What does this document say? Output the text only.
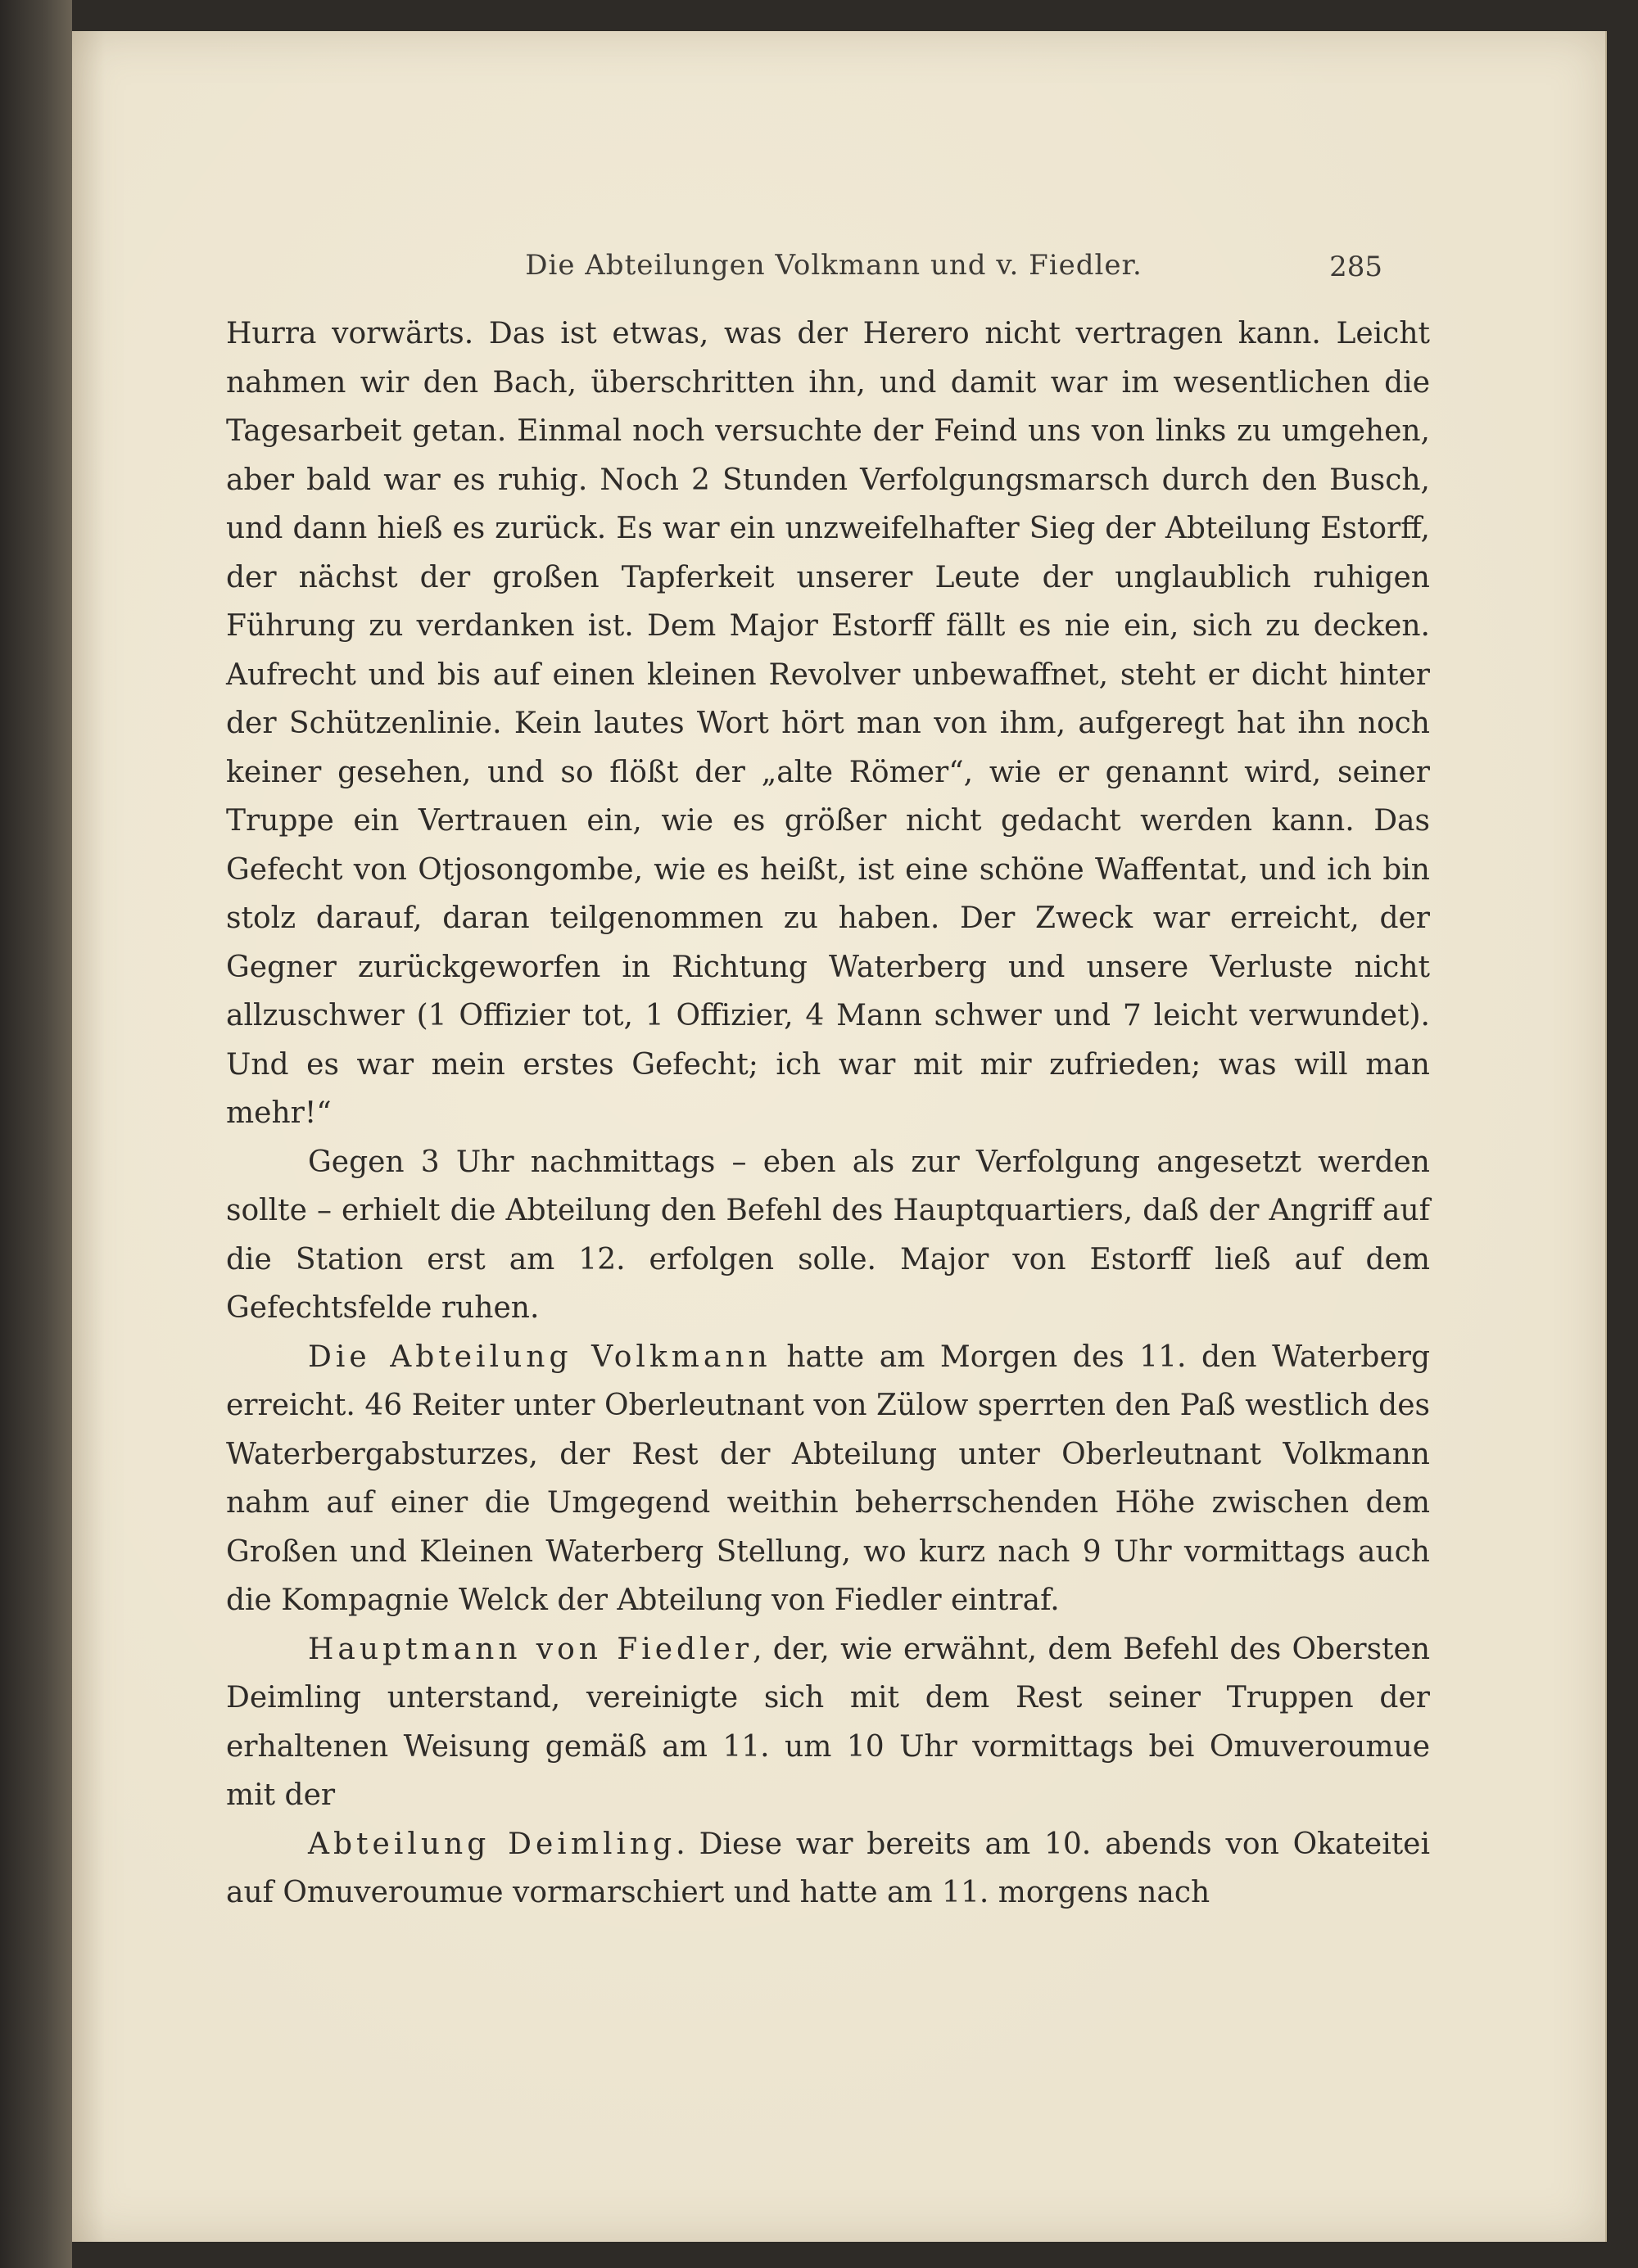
Die Abteilungen Volkmann und v. Fiedler.	285

Hurra vorwärts. Das ist etwas, was der Herero nicht vertragen kann. Leicht nahmen wir den Bach, überschritten ihn, und damit war im wesentlichen die Tagesarbeit getan. Einmal noch versuchte der Feind uns von links zu umgehen, aber bald war es ruhig. Noch 2 Stunden Verfolgungsmarsch durch den Busch, und dann hieß es zurück. Es war ein unzweifelhafter Sieg der Abteilung Estorff, der nächst der großen Tapferkeit unserer Leute der unglaublich ruhigen Führung zu verdanken ist. Dem Major Estorff fällt es nie ein, sich zu decken. Aufrecht und bis auf einen kleinen Revolver unbewaffnet, steht er dicht hinter der Schützenlinie. Kein lautes Wort hört man von ihm, aufgeregt hat ihn noch keiner gesehen, und so flößt der „alte Römer“, wie er genannt wird, seiner Truppe ein Vertrauen ein, wie es größer nicht gedacht werden kann. Das Gefecht von Otjosongombe, wie es heißt, ist eine schöne Waffentat, und ich bin stolz darauf, daran teilgenommen zu haben. Der Zweck war erreicht, der Gegner zurückgeworfen in Richtung Waterberg und unsere Verluste nicht allzuschwer (1 Offizier tot, 1 Offizier, 4 Mann schwer und 7 leicht verwundet). Und es war mein erstes Gefecht; ich war mit mir zufrieden; was will man mehr!“

Gegen 3 Uhr nachmittags – eben als zur Verfolgung angesetzt werden sollte – erhielt die Abteilung den Befehl des Hauptquartiers, daß der Angriff auf die Station erst am 12. erfolgen solle. Major von Estorff ließ auf dem Gefechtsfelde ruhen.

Die Abteilung Volkmann hatte am Morgen des 11. den Waterberg erreicht. 46 Reiter unter Oberleutnant von Zülow sperrten den Paß westlich des Waterbergabsturzes, der Rest der Abteilung unter Oberleutnant Volkmann nahm auf einer die Umgegend weithin beherrschenden Höhe zwischen dem Großen und Kleinen Waterberg Stellung, wo kurz nach 9 Uhr vormittags auch die Kompagnie Welck der Abteilung von Fiedler eintraf.

Hauptmann von Fiedler, der, wie erwähnt, dem Befehl des Obersten Deimling unterstand, vereinigte sich mit dem Rest seiner Truppen der erhaltenen Weisung gemäß am 11. um 10 Uhr vormittags bei Omuveroumue mit der

Abteilung Deimling. Diese war bereits am 10. abends von Okateitei auf Omuveroumue vormarschiert und hatte am 11. morgens nach
